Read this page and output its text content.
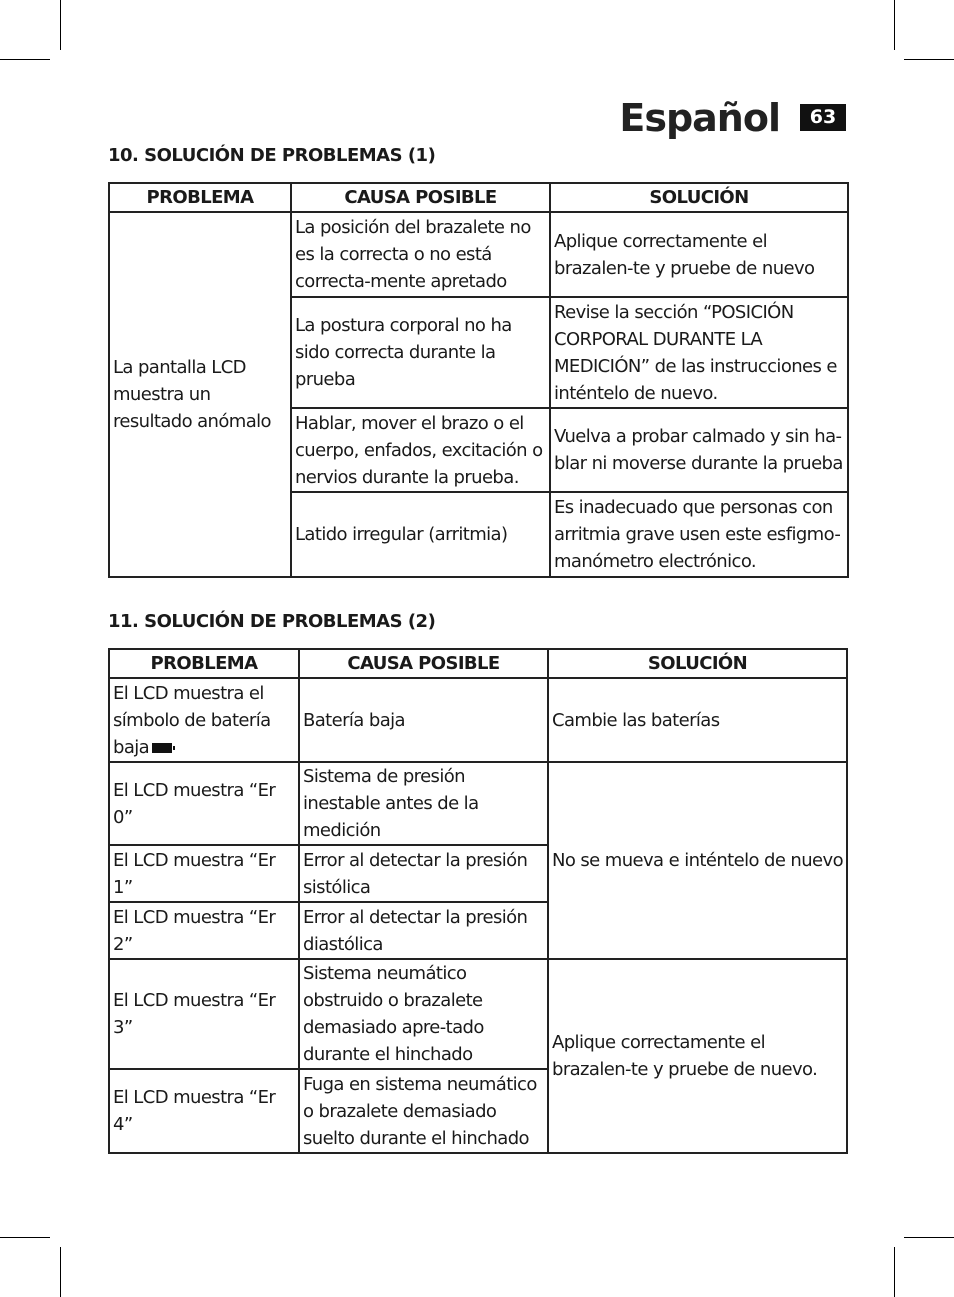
Español	63
10. SOLUCIÓN DE PROBLEMAS (1)
PROBLEMA	CAUSA POSIBLE	SOLUCIÓN
La pantalla LCD muestra un resultado anómalo	La posición del brazalete no es la correcta o no está correcta-mente apretado	Aplique correctamente el brazalen-te y pruebe de nuevo
	La postura corporal no ha sido correcta durante la prueba	Revise la sección “POSICIÓN CORPORAL DURANTE LA MEDICIÓN” de las instrucciones e inténtelo de nuevo.
	Hablar, mover el brazo o el cuerpo, enfados, excitación o nervios durante la prueba.	Vuelva a probar calmado y sin ha-blar ni moverse durante la prueba
	Latido irregular (arritmia)	Es inadecuado que personas con arritmia grave usen este esfigmo-manómetro electrónico.
11. SOLUCIÓN DE PROBLEMAS (2)
PROBLEMA	CAUSA POSIBLE	SOLUCIÓN
El LCD muestra el símbolo de batería baja	Batería baja	Cambie las baterías
El LCD muestra “Er 0”	Sistema de presión inestable antes de la medición	No se mueva e inténtelo de nuevo
El LCD muestra “Er 1”	Error al detectar la presión sistólica	
El LCD muestra “Er 2”	Error al detectar la presión diastólica	
El LCD muestra “Er 3”	Sistema neumático obstruido o brazalete demasiado apre-tado durante el hinchado	Aplique correctamente el brazalen-te y pruebe de nuevo.
El LCD muestra “Er 4”	Fuga en sistema neumático o brazalete demasiado suelto durante el hinchado	
